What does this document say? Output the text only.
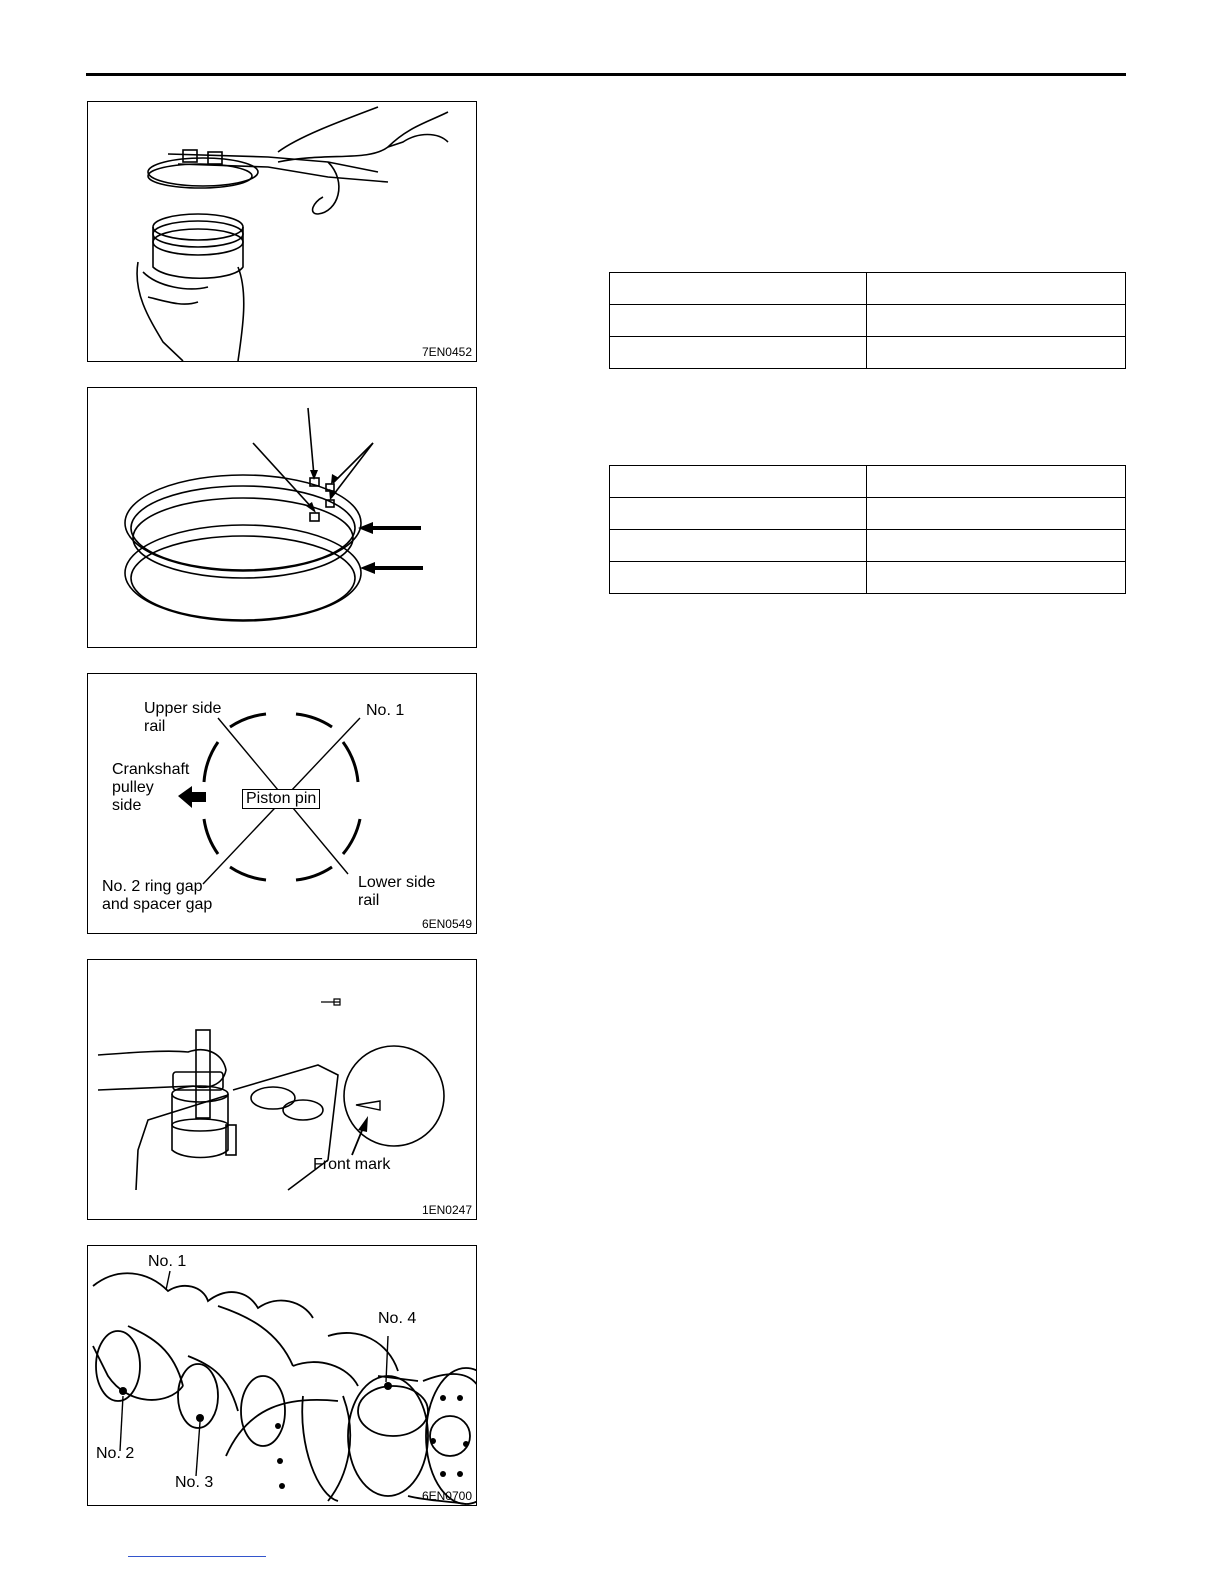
7EN0452
Upper side
rail
No. 1
Crankshaft
pulley
side	Piston pin
No. 2 ring gap
and spacer gap
Lower side
rail
6EN0549
Front mark
1EN0247
No. 1
No. 4
No. 2
No. 3
6EN0700
